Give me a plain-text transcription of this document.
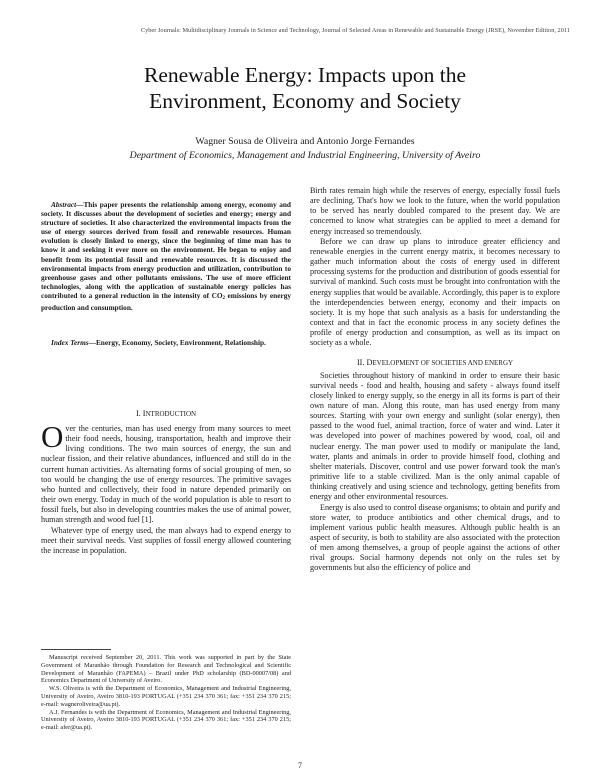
Cyber Journals: Multidisciplinary Journals in Science and Technology, Journal of Selected Areas in Renewable and Sustainable Energy (JRSE), November Edition, 2011
Renewable Energy: Impacts upon the
Environment, Economy and Society
Wagner Sousa de Oliveira and Antonio Jorge Fernandes
Department of Economics, Management and Industrial Engineering, University of Aveiro
Abstract—This paper presents the relationship among energy, economy and society. It discusses about the development of societies and energy; energy and structure of societies. It also characterized the environmental impacts from the use of energy sources derived from fossil and renewable resources. Human evolution is closely linked to energy, since the beginning of time man has to know it and seeking it ever more on the environment. He began to enjoy and benefit from its potential fossil and renewable resources. It is discussed the environmental impacts from energy production and utilization, contribution to greenhouse gases and other pollutants emissions. The use of more efficient technologies, along with the application of sustainable energy policies has contributed to a general reduction in the intensity of $CO_2$ emissions by energy production and consumption.
Index Terms—Energy, Economy, Society, Environment, Relationship.

I. INTRODUCTION

Over the centuries, man has used energy from many sources to meet their food needs, housing, transportation, health and improve their living conditions. The two main sources of energy, the sun and nuclear fission, and their relative abundances, influenced and still do in the current human activities. As alternating forms of social grouping of men, so too would be changing the use of energy resources. The primitive savages who hunted and collectively, their food in nature depended primarily on their own energy. Today in much of the world population is able to resort to fossil fuels, but also in developing countries makes the use of animal power, human strength and wood fuel [1].

Whatever type of energy used, the man always had to expend energy to meet their survival needs. Vast supplies of fossil energy allowed countering the increase in population.

Manuscript received September 20, 2011. This work was supported in part by the State Government of Maranhão through Foundation for Research and Technological and Scientific Development of Maranhão (FAPEMA) – Brazil under PhD scholarship (BD-00007/08) and Economics Department of University of Aveiro.

W.S. Oliveira is with the Department of Economics, Management and Industrial Engineering, University of Aveiro, Aveiro 3810-193 PORTUGAL (+351 234 370 361; fax: +351 234 370 215; e-mail: wagneroliveira@ua.pt).

A.J. Fernandes is with the Department of Economics, Management and Industrial Engineering, University of Aveiro, Aveiro 3810-193 PORTUGAL (+351 234 370 361; fax: +351 234 370 215; e-mail: afer@ua.pt).

Birth rates remain high while the reserves of energy, especially fossil fuels are declining. That's how we look to the future, when the world population to be served has nearly doubled compared to the present day. We are concerned to know what strategies can be applied to meet a demand for energy increased so tremendously.

Before we can draw up plans to introduce greater efficiency and renewable energies in the current energy matrix, it becomes necessary to gather much information about the costs of energy used in different processing systems for the production and distribution of goods essential for survival of mankind. Such costs must be brought into confrontation with the energy supplies that would be available. Accordingly, this paper is to explore the interdependencies between energy, economy and their impacts on society. It is my hope that such analysis as a basis for understanding the context and that in fact the economic process in any society defines the profile of energy production and consumption, as well as its impact on society as a whole.

II. DEVELOPMENT OF SOCIETIES AND ENERGY

Societies throughout history of mankind in order to ensure their basic survival needs - food and health, housing and safety - always found itself closely linked to energy supply, so the energy in all its forms is part of their own nature of man. Along this route, man has used energy from many sources. Starting with your own energy and sunlight (solar energy), then passed to the wood fuel, animal traction, force of water and wind. Later it was developed into power of machines powered by wood, coal, oil and nuclear energy. The man power used to modify or manipulate the land, water, plants and animals in order to provide himself food, clothing and shelter materials. Discover, control and use power forward took the man's primitive life to a stable civilized. Man is the only animal capable of thinking creatively and using science and technology, getting benefits from energy and other environmental resources.

Energy is also used to control disease organisms; to obtain and purify and store water, to produce antibiotics and other chemical drugs, and to implement various public health measures. Although public health is an aspect of security, is both to stability are also associated with the protection of men among themselves, a group of people against the actions of other rival groups. Social harmony depends not only on the rules set by governments but also the efficiency of police and

7
